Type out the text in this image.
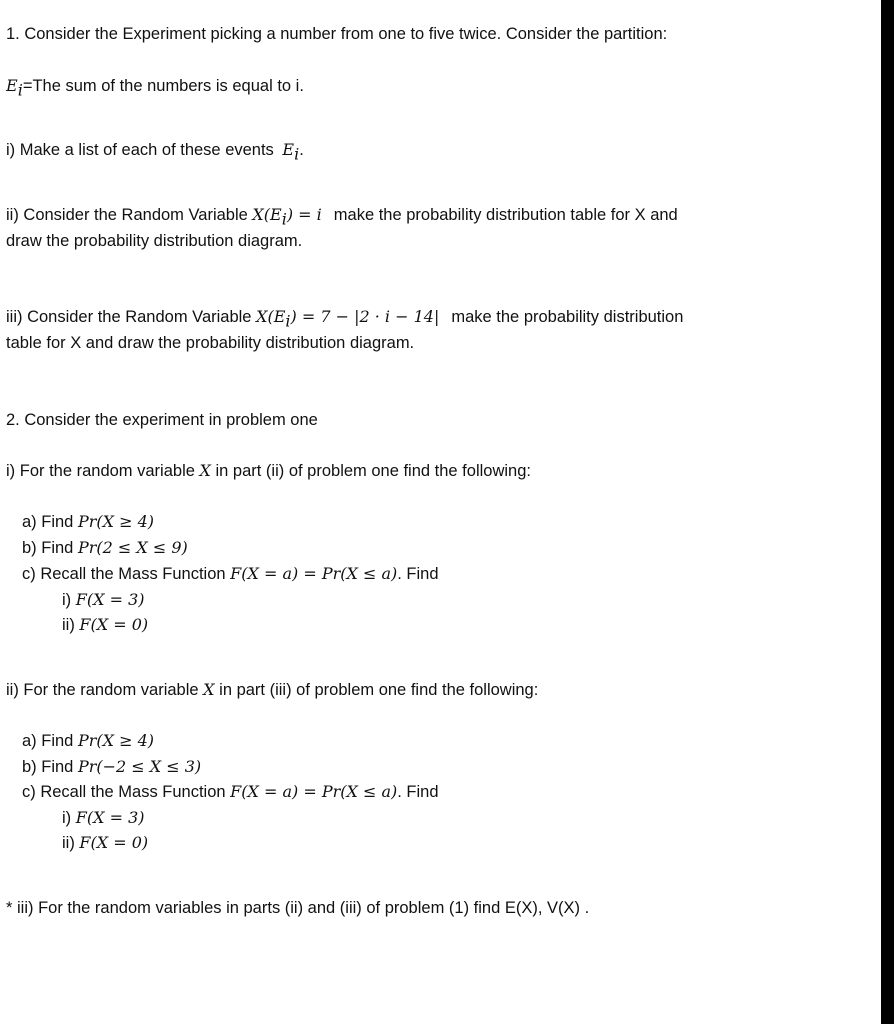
1. Consider the Experiment picking a number from one to five twice. Consider the partition:
$E_i=The$ sum of the numbers is equal to i.
i) Make a list of each of these events $E_i$.
ii) Consider the Random Variable $X(E_i) = i$ make the probability distribution table for X and
draw the probability distribution diagram.
iii) Consider the Random Variable $X(E_i) = 7 - |2 \cdot i - 14|$ make the probability distribution
table for X and draw the probability distribution diagram.
2. Consider the experiment in problem one
i) For the random variable X in part (ii) of problem one find the following:
a) Find Pr(X ≥ 4)
b) Find Pr(2 ≤ X ≤ 9)
c) Recall the Mass Function F(X = a) = Pr(X ≤ a). Find
i) F(X = 3)
ii) F(X = 0)
ii) For the random variable X in part (iii) of problem one find the following:
a) Find Pr(X ≥ 4)
b) Find Pr(−2 ≤ X ≤ 3)
c) Recall the Mass Function F(X = a) = Pr(X ≤ a). Find
i) F(X = 3)
ii) F(X = 0)
* iii) For the random variables in parts (ii) and (iii) of problem (1) find E(X), V(X) .
